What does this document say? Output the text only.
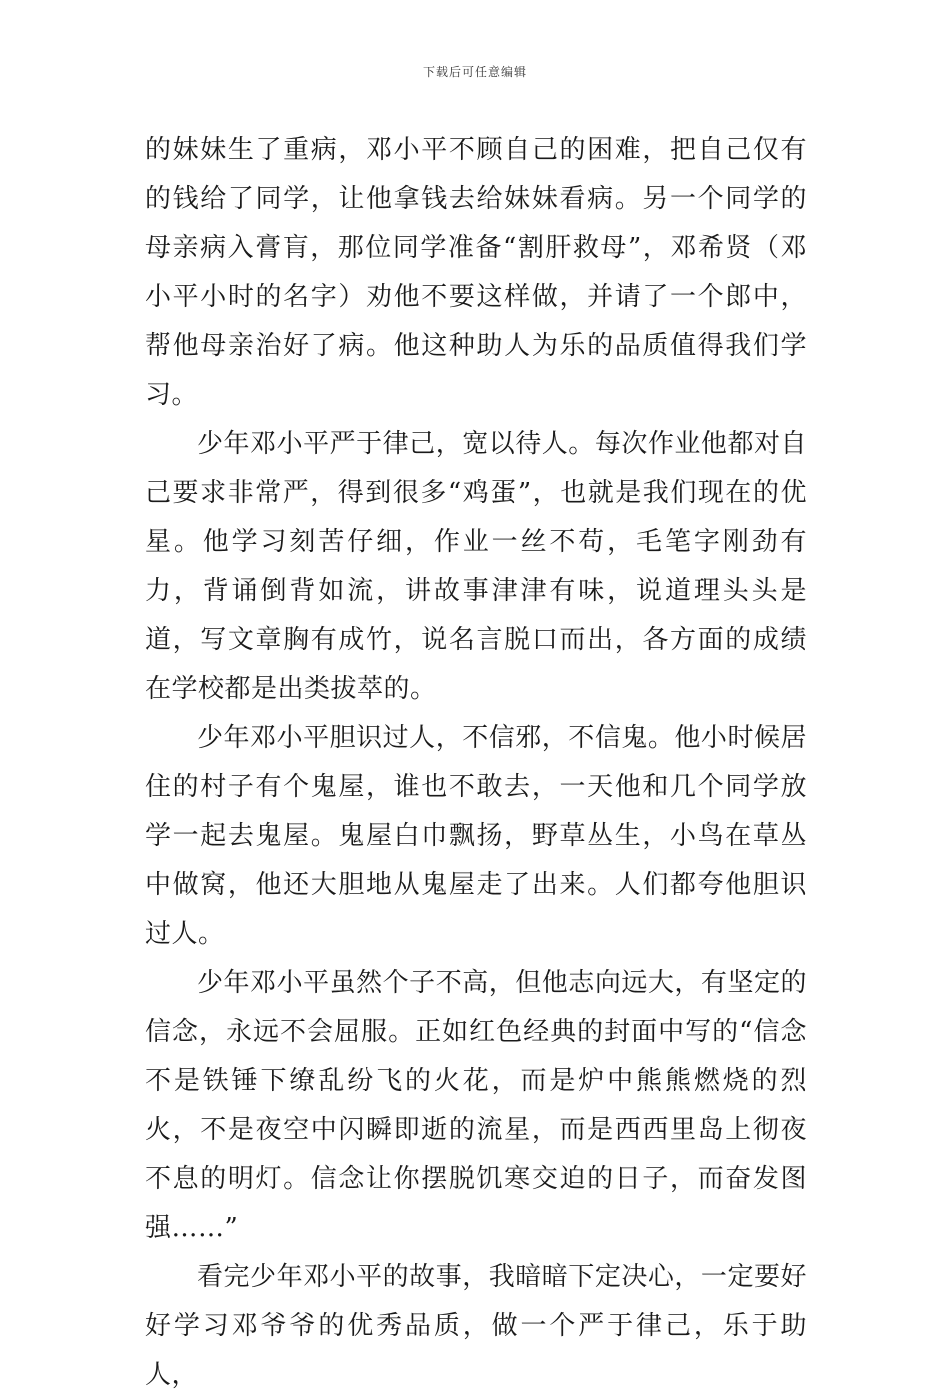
下载后可任意编辑

的妹妹生了重病，邓小平不顾自己的困难，把自己仅有的钱给了同学，让他拿钱去给妹妹看病。另一个同学的母亲病入膏肓，那位同学准备“割肝救母”，邓希贤（邓小平小时的名字）劝他不要这样做，并请了一个郎中，帮他母亲治好了病。他这种助人为乐的品质值得我们学习。

少年邓小平严于律己，宽以待人。每次作业他都对自己要求非常严，得到很多“鸡蛋”，也就是我们现在的优星。他学习刻苦仔细，作业一丝不苟，毛笔字刚劲有力，背诵倒背如流，讲故事津津有味，说道理头头是道，写文章胸有成竹，说名言脱口而出，各方面的成绩在学校都是出类拔萃的。

少年邓小平胆识过人，不信邪，不信鬼。他小时候居住的村子有个鬼屋，谁也不敢去，一天他和几个同学放学一起去鬼屋。鬼屋白巾飘扬，野草丛生，小鸟在草丛中做窝，他还大胆地从鬼屋走了出来。人们都夸他胆识过人。

少年邓小平虽然个子不高，但他志向远大，有坚定的信念，永远不会屈服。正如红色经典的封面中写的“信念不是铁锤下缭乱纷飞的火花，而是炉中熊熊燃烧的烈火，不是夜空中闪瞬即逝的流星，而是西西里岛上彻夜不息的明灯。信念让你摆脱饥寒交迫的日子，而奋发图强……”

看完少年邓小平的故事，我暗暗下定决心，一定要好好学习邓爷爷的优秀品质，做一个严于律己，乐于助人，
